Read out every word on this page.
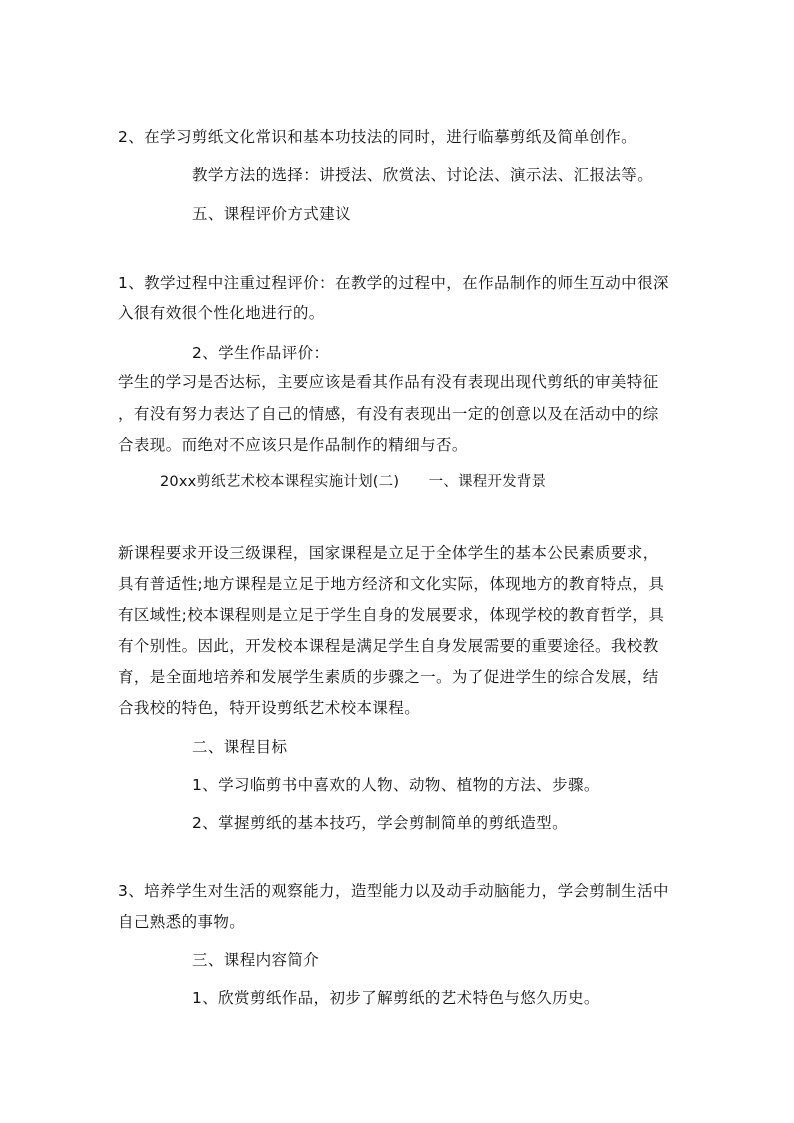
2、在学习剪纸文化常识和基本功技法的同时，进行临摹剪纸及简单创作。
教学方法的选择：讲授法、欣赏法、讨论法、演示法、汇报法等。
五、课程评价方式建议
1、教学过程中注重过程评价：在教学的过程中，在作品制作的师生互动中很深
入很有效很个性化地进行的。
2、学生作品评价：
学生的学习是否达标，主要应该是看其作品有没有表现出现代剪纸的审美特征
，有没有努力表达了自己的情感，有没有表现出一定的创意以及在活动中的综
合表现。而绝对不应该只是作品制作的精细与否。
20xx剪纸艺术校本课程实施计划(二)　　一、课程开发背景
新课程要求开设三级课程，国家课程是立足于全体学生的基本公民素质要求，
具有普适性;地方课程是立足于地方经济和文化实际，体现地方的教育特点，具
有区域性;校本课程则是立足于学生自身的发展要求，体现学校的教育哲学，具
有个别性。因此，开发校本课程是满足学生自身发展需要的重要途径。我校教
育，是全面地培养和发展学生素质的步骤之一。为了促进学生的综合发展，结
合我校的特色，特开设剪纸艺术校本课程。
二、课程目标
1、学习临剪书中喜欢的人物、动物、植物的方法、步骤。
2、掌握剪纸的基本技巧，学会剪制简单的剪纸造型。
3、培养学生对生活的观察能力，造型能力以及动手动脑能力，学会剪制生活中
自己熟悉的事物。
三、课程内容简介
1、欣赏剪纸作品，初步了解剪纸的艺术特色与悠久历史。
